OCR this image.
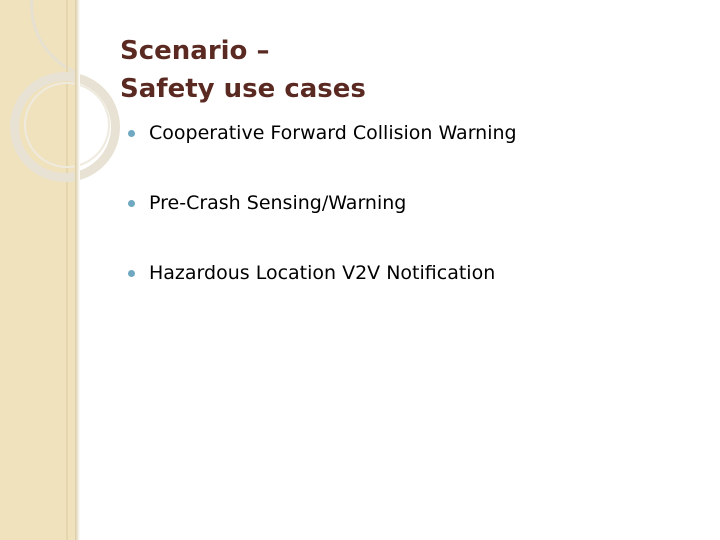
Scenario –
Safety use cases
Cooperative Forward Collision Warning
Pre-Crash Sensing/Warning
Hazardous Location V2V Notification
